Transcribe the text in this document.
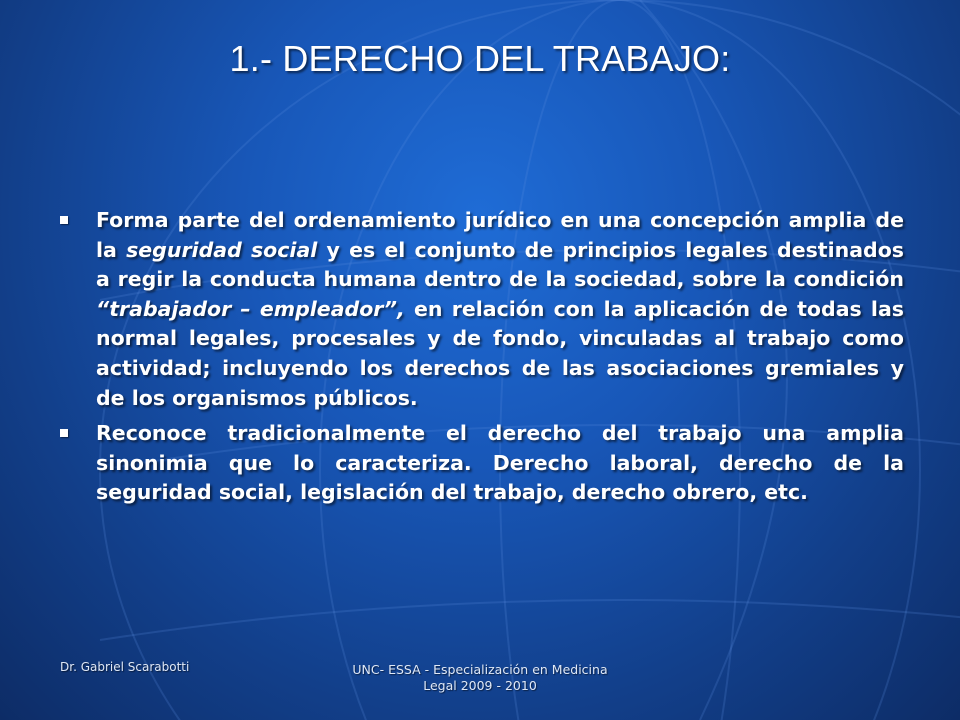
1.- DERECHO DEL TRABAJO:
Forma parte del ordenamiento jurídico en una concepción amplia de la seguridad social y es el conjunto de principios legales destinados a regir la conducta humana dentro de la sociedad, sobre la condición “trabajador – empleador”, en relación con la aplicación de todas las normal legales, procesales y de fondo, vinculadas al trabajo como actividad; incluyendo los derechos de las asociaciones gremiales y de los organismos públicos.
Reconoce tradicionalmente el derecho del trabajo una amplia sinonimia que lo caracteriza. Derecho laboral, derecho de la seguridad social, legislación del trabajo, derecho obrero, etc.
Dr. Gabriel Scarabotti	UNC- ESSA - Especialización en Medicina
Legal 2009 - 2010
